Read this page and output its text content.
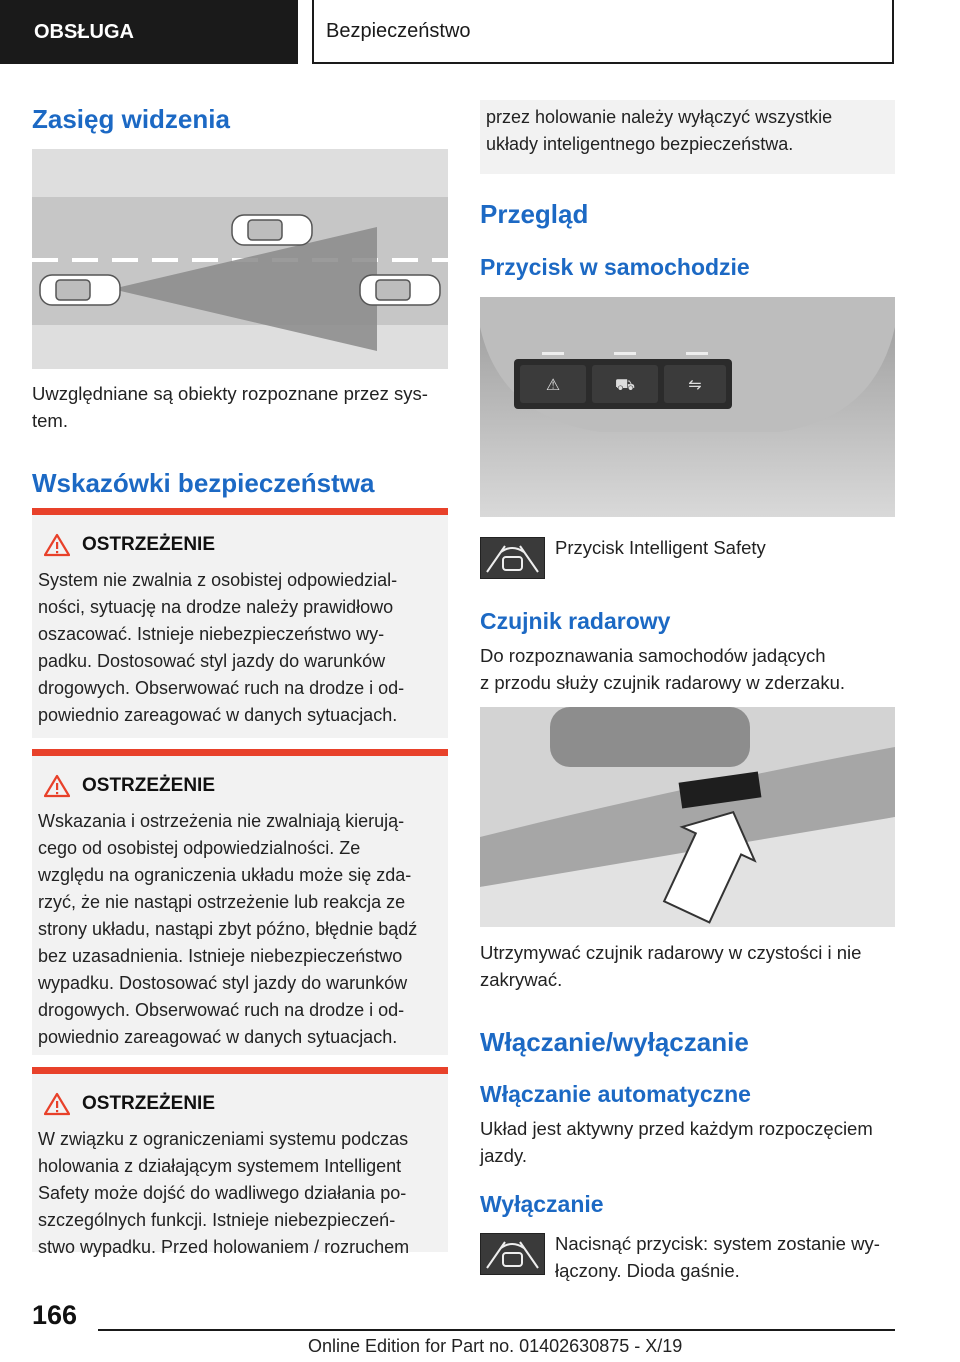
OBSŁUGA	Bezpieczeństwo
Zasięg widzenia
Uwzględniane są obiekty rozpoznane przez sys-
tem.
Wskazówki bezpieczeństwa
OSTRZEŻENIE
System nie zwalnia z osobistej odpowiedzial-
ności, sytuację na drodze należy prawidłowo
oszacować. Istnieje niebezpieczeństwo wy-
padku. Dostosować styl jazdy do warunków
drogowych. Obserwować ruch na drodze i od-
powiednio zareagować w danych sytuacjach.
OSTRZEŻENIE
Wskazania i ostrzeżenia nie zwalniają kierują-
cego od osobistej odpowiedzialności. Ze
względu na ograniczenia układu może się zda-
rzyć, że nie nastąpi ostrzeżenie lub reakcja ze
strony układu, nastąpi zbyt późno, błędnie bądź
bez uzasadnienia. Istnieje niebezpieczeństwo
wypadku. Dostosować styl jazdy do warunków
drogowych. Obserwować ruch na drodze i od-
powiednio zareagować w danych sytuacjach.
OSTRZEŻENIE
W związku z ograniczeniami systemu podczas
holowania z działającym systemem Intelligent
Safety może dojść do wadliwego działania po-
szczególnych funkcji. Istnieje niebezpieczeń-
stwo wypadku. Przed holowaniem / rozruchem
przez holowanie należy wyłączyć wszystkie
układy inteligentnego bezpieczeństwa.
Przegląd
Przycisk w samochodzie
⚠	⛟	⇋
Przycisk Intelligent Safety
Czujnik radarowy
Do rozpoznawania samochodów jadących
z przodu służy czujnik radarowy w zderzaku.
Utrzymywać czujnik radarowy w czystości i nie
zakrywać.
Włączanie/wyłączanie
Włączanie automatyczne
Układ jest aktywny przed każdym rozpoczęciem
jazdy.
Wyłączanie
Nacisnąć przycisk: system zostanie wy-
łączony. Dioda gaśnie.
166
Online Edition for Part no. 01402630875 - X/19
